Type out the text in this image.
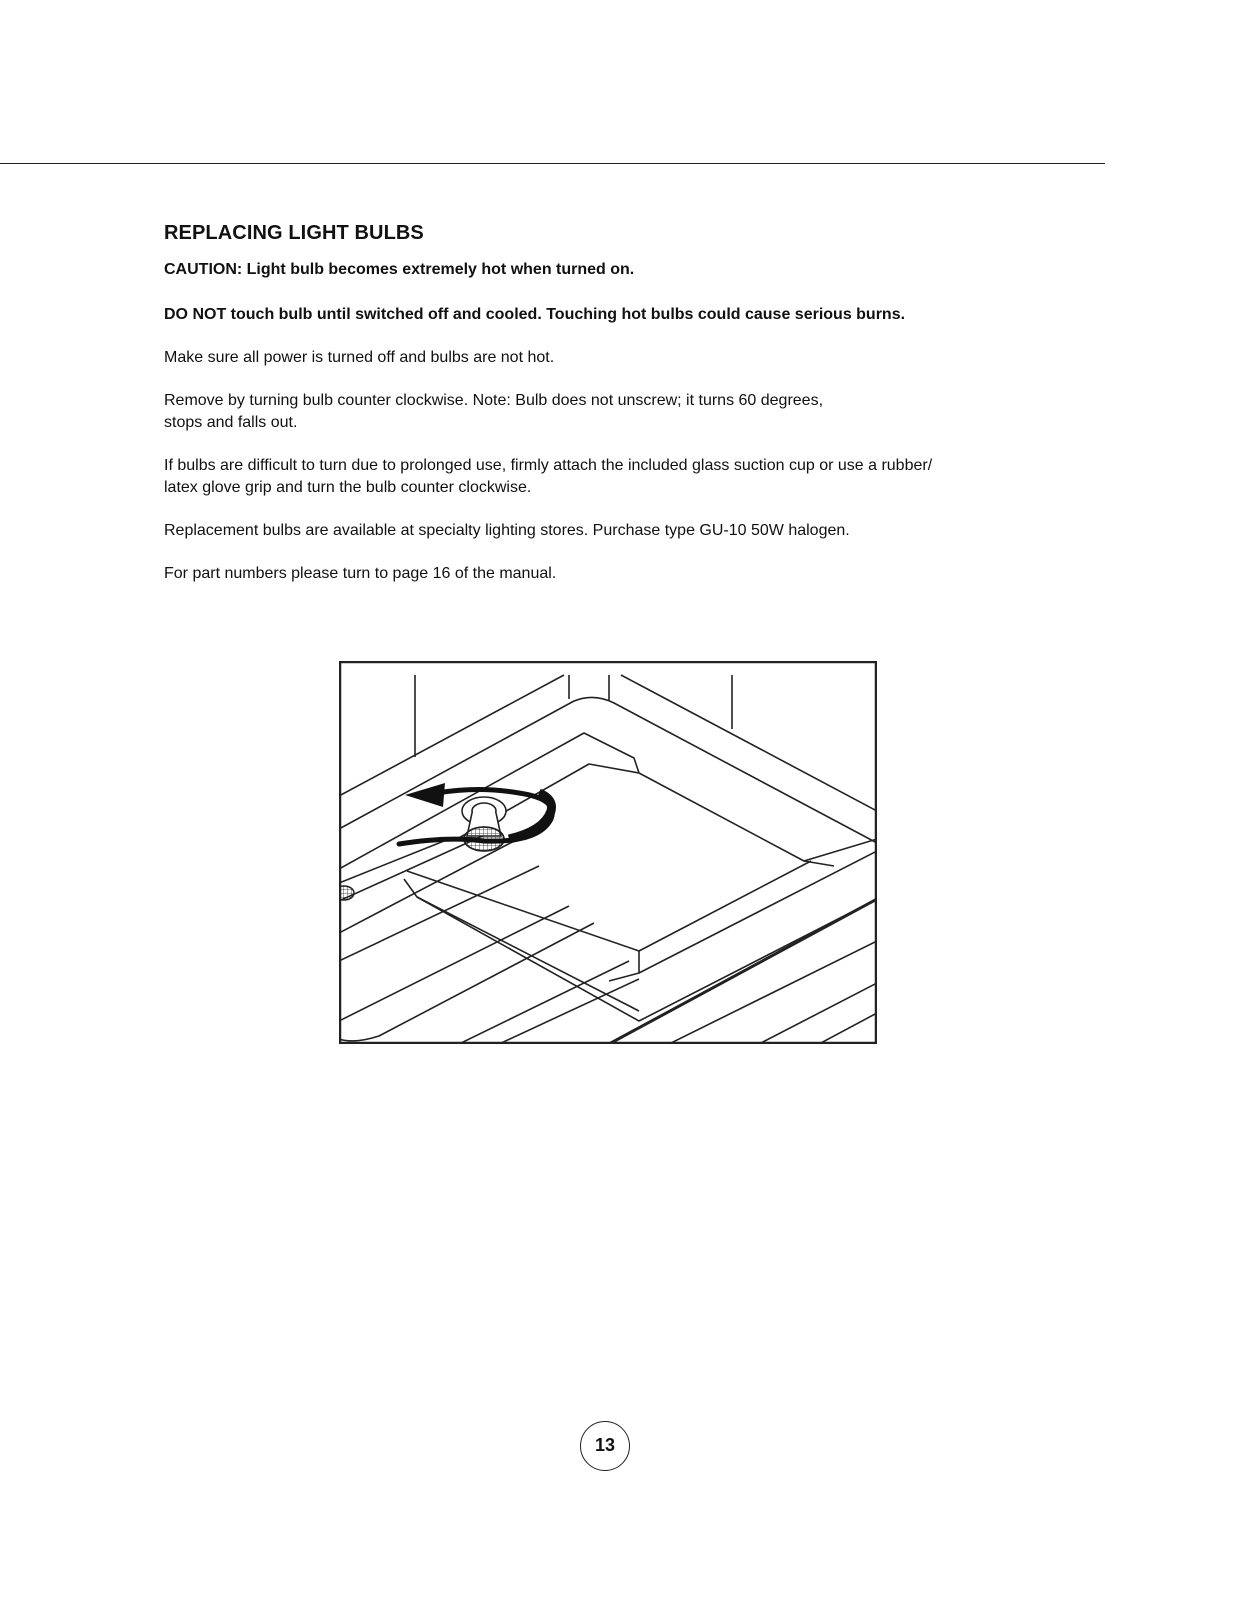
REPLACING LIGHT BULBS
CAUTION: Light bulb becomes extremely hot when turned on.
DO NOT touch bulb until switched off and cooled. Touching hot bulbs could cause serious burns.
Make sure all power is turned off and bulbs are not hot.
Remove by turning bulb counter clockwise. Note: Bulb does not unscrew; it turns 60 degrees,
stops and falls out.
If bulbs are difficult to turn due to prolonged use, firmly attach the included glass suction cup or use a rubber/
latex glove grip and turn the bulb counter clockwise.
Replacement bulbs are available at specialty lighting stores. Purchase type GU-10 50W halogen.
For part numbers please turn to page 16 of the manual.
13
